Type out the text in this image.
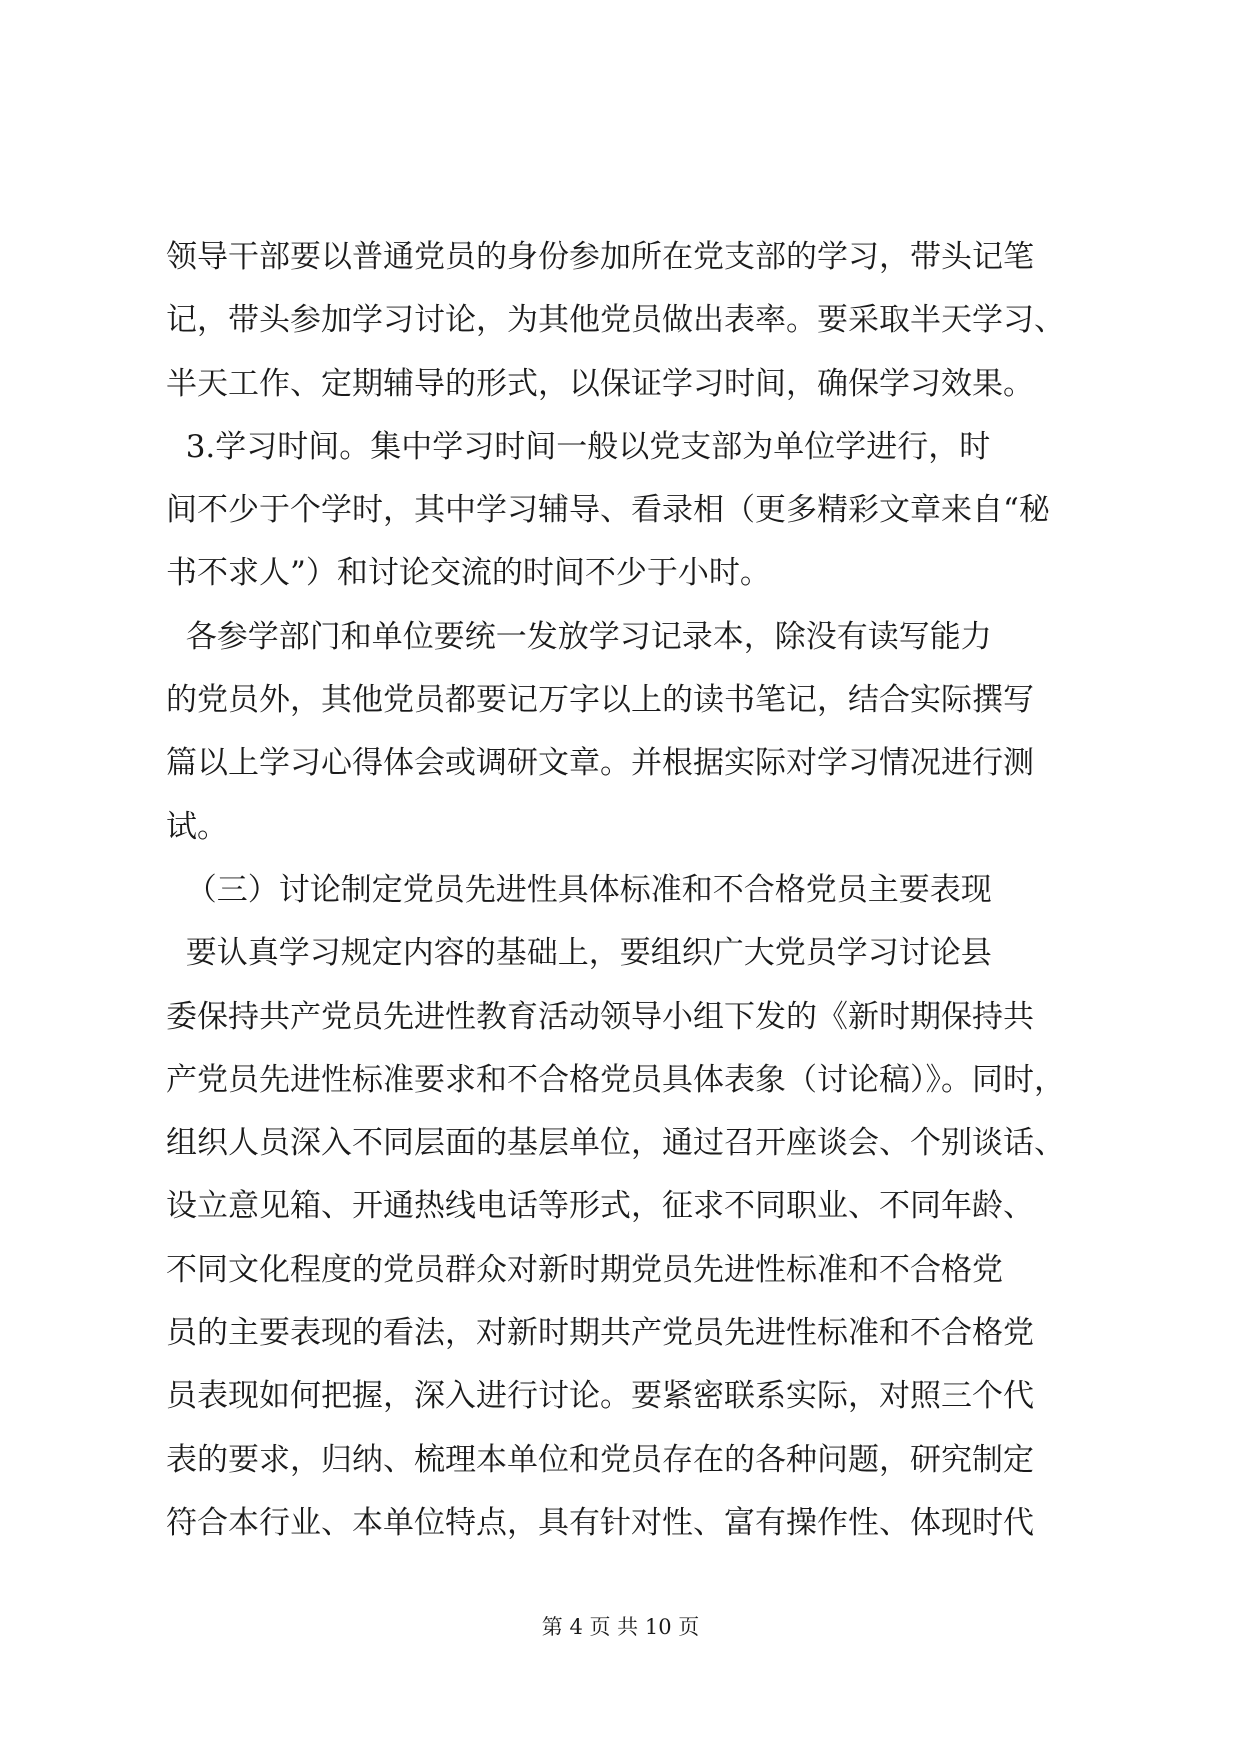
领导干部要以普通党员的身份参加所在党支部的学习，带头记笔
记，带头参加学习讨论，为其他党员做出表率。要采取半天学习、
半天工作、定期辅导的形式，以保证学习时间，确保学习效果。
3.学习时间。集中学习时间一般以党支部为单位学进行，时
间不少于个学时，其中学习辅导、看录相（更多精彩文章来自“秘
书不求人”）和讨论交流的时间不少于小时。
各参学部门和单位要统一发放学习记录本，除没有读写能力
的党员外，其他党员都要记万字以上的读书笔记，结合实际撰写
篇以上学习心得体会或调研文章。并根据实际对学习情况进行测
试。
（三）讨论制定党员先进性具体标准和不合格党员主要表现
要认真学习规定内容的基础上，要组织广大党员学习讨论县
委保持共产党员先进性教育活动领导小组下发的《新时期保持共
产党员先进性标准要求和不合格党员具体表象（讨论稿）》。同时，
组织人员深入不同层面的基层单位，通过召开座谈会、个别谈话、
设立意见箱、开通热线电话等形式，征求不同职业、不同年龄、
不同文化程度的党员群众对新时期党员先进性标准和不合格党
员的主要表现的看法，对新时期共产党员先进性标准和不合格党
员表现如何把握，深入进行讨论。要紧密联系实际，对照三个代
表的要求，归纳、梳理本单位和党员存在的各种问题，研究制定
符合本行业、本单位特点，具有针对性、富有操作性、体现时代
第 4 页 共 10 页
